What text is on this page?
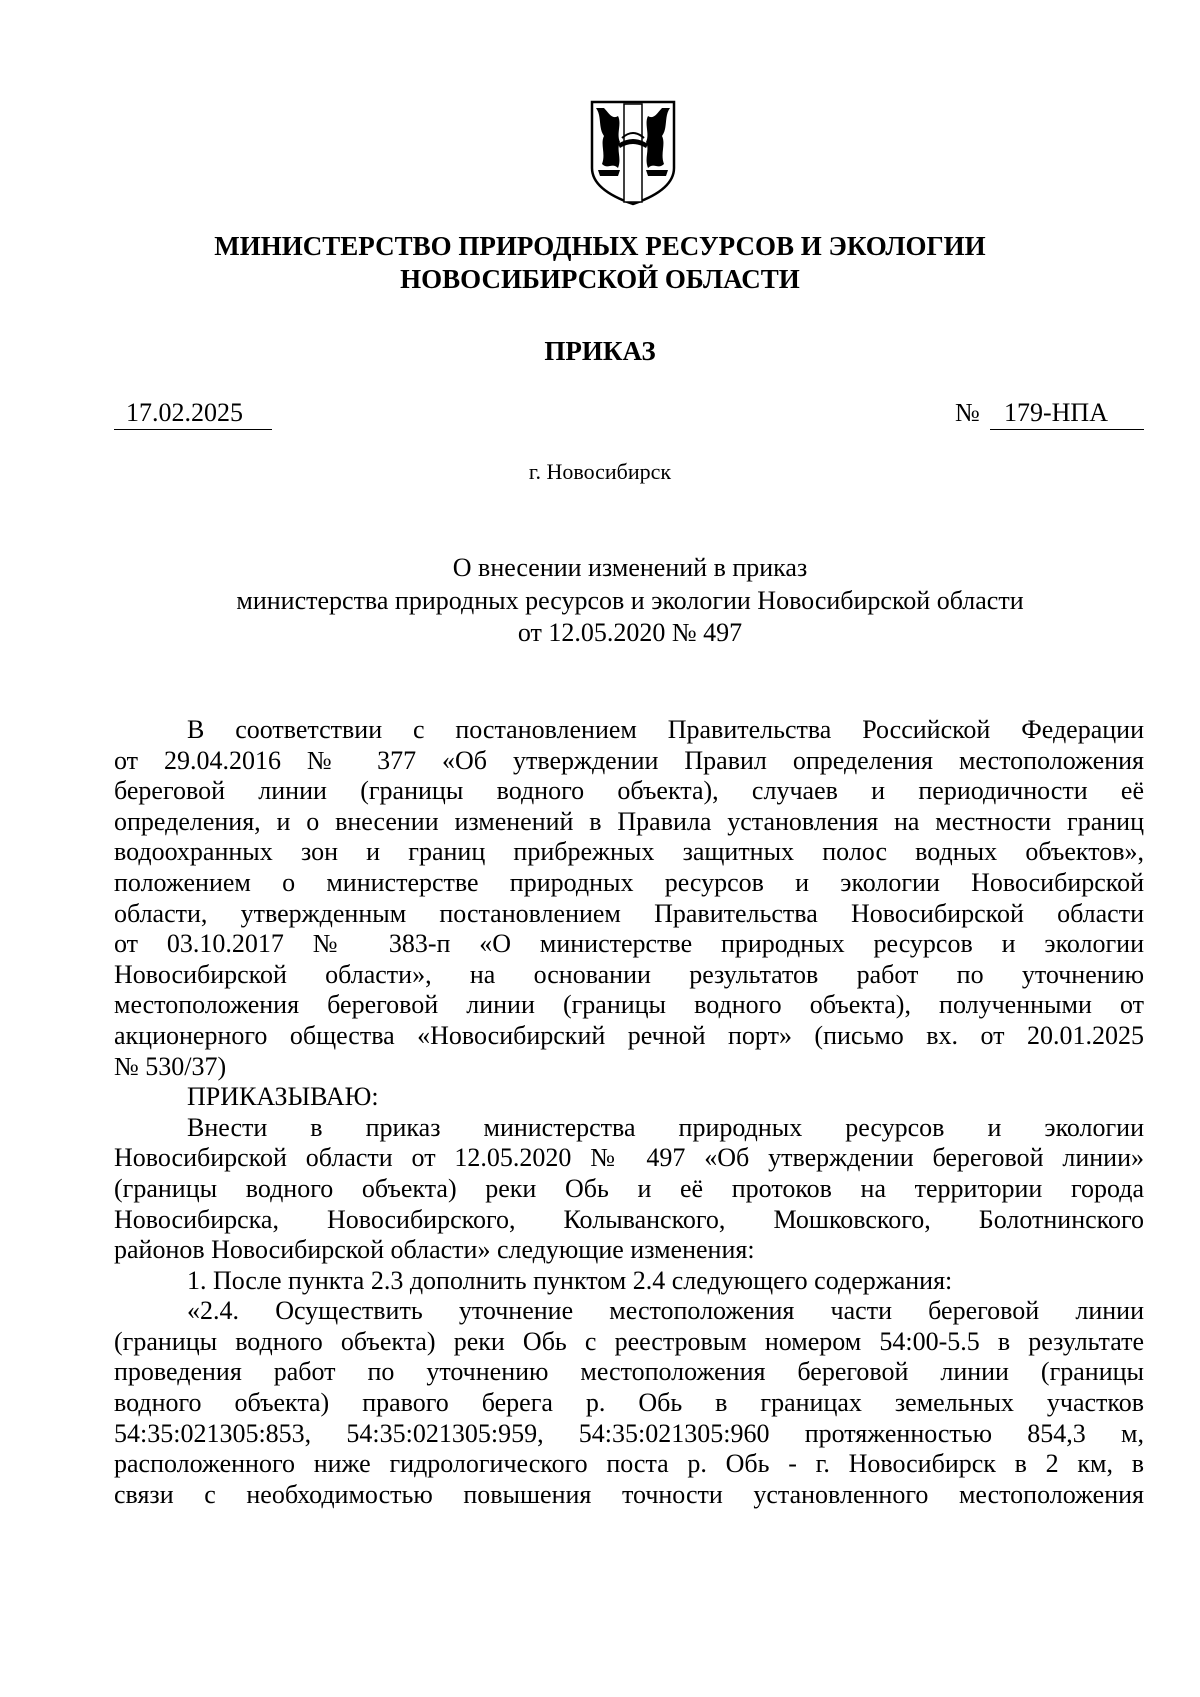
МИНИСТЕРСТВО ПРИРОДНЫХ РЕСУРСОВ И ЭКОЛОГИИ
НОВОСИБИРСКОЙ ОБЛАСТИ
ПРИКАЗ
17.02.2025	№ 179-НПА
г. Новосибирск
О внесении изменений в приказ
министерства природных ресурсов и экологии Новосибирской области
от 12.05.2020 № 497
В соответствии с постановлением Правительства Российской Федерации
от 29.04.2016 № 377 «Об утверждении Правил определения местоположения
береговой линии (границы водного объекта), случаев и периодичности её
определения, и о внесении изменений в Правила установления на местности границ
водоохранных зон и границ прибрежных защитных полос водных объектов»,
положением о министерстве природных ресурсов и экологии Новосибирской
области, утвержденным постановлением Правительства Новосибирской области
от 03.10.2017 № 383-п «О министерстве природных ресурсов и экологии
Новосибирской области», на основании результатов работ по уточнению
местоположения береговой линии (границы водного объекта), полученными от
акционерного общества «Новосибирский речной порт» (письмо вх. от 20.01.2025
№ 530/37)
ПРИКАЗЫВАЮ:
Внести в приказ министерства природных ресурсов и экологии
Новосибирской области от 12.05.2020 № 497 «Об утверждении береговой линии»
(границы водного объекта) реки Обь и её протоков на территории города
Новосибирска, Новосибирского, Колыванского, Мошковского, Болотнинского
районов Новосибирской области» следующие изменения:
1. После пункта 2.3 дополнить пунктом 2.4 следующего содержания:
«2.4. Осуществить уточнение местоположения части береговой линии
(границы водного объекта) реки Обь с реестровым номером 54:00-5.5 в результате
проведения работ по уточнению местоположения береговой линии (границы
водного объекта) правого берега р. Обь в границах земельных участков
54:35:021305:853, 54:35:021305:959, 54:35:021305:960 протяженностью 854,3 м,
расположенного ниже гидрологического поста р. Обь - г. Новосибирск в 2 км, в
связи с необходимостью повышения точности установленного местоположения
